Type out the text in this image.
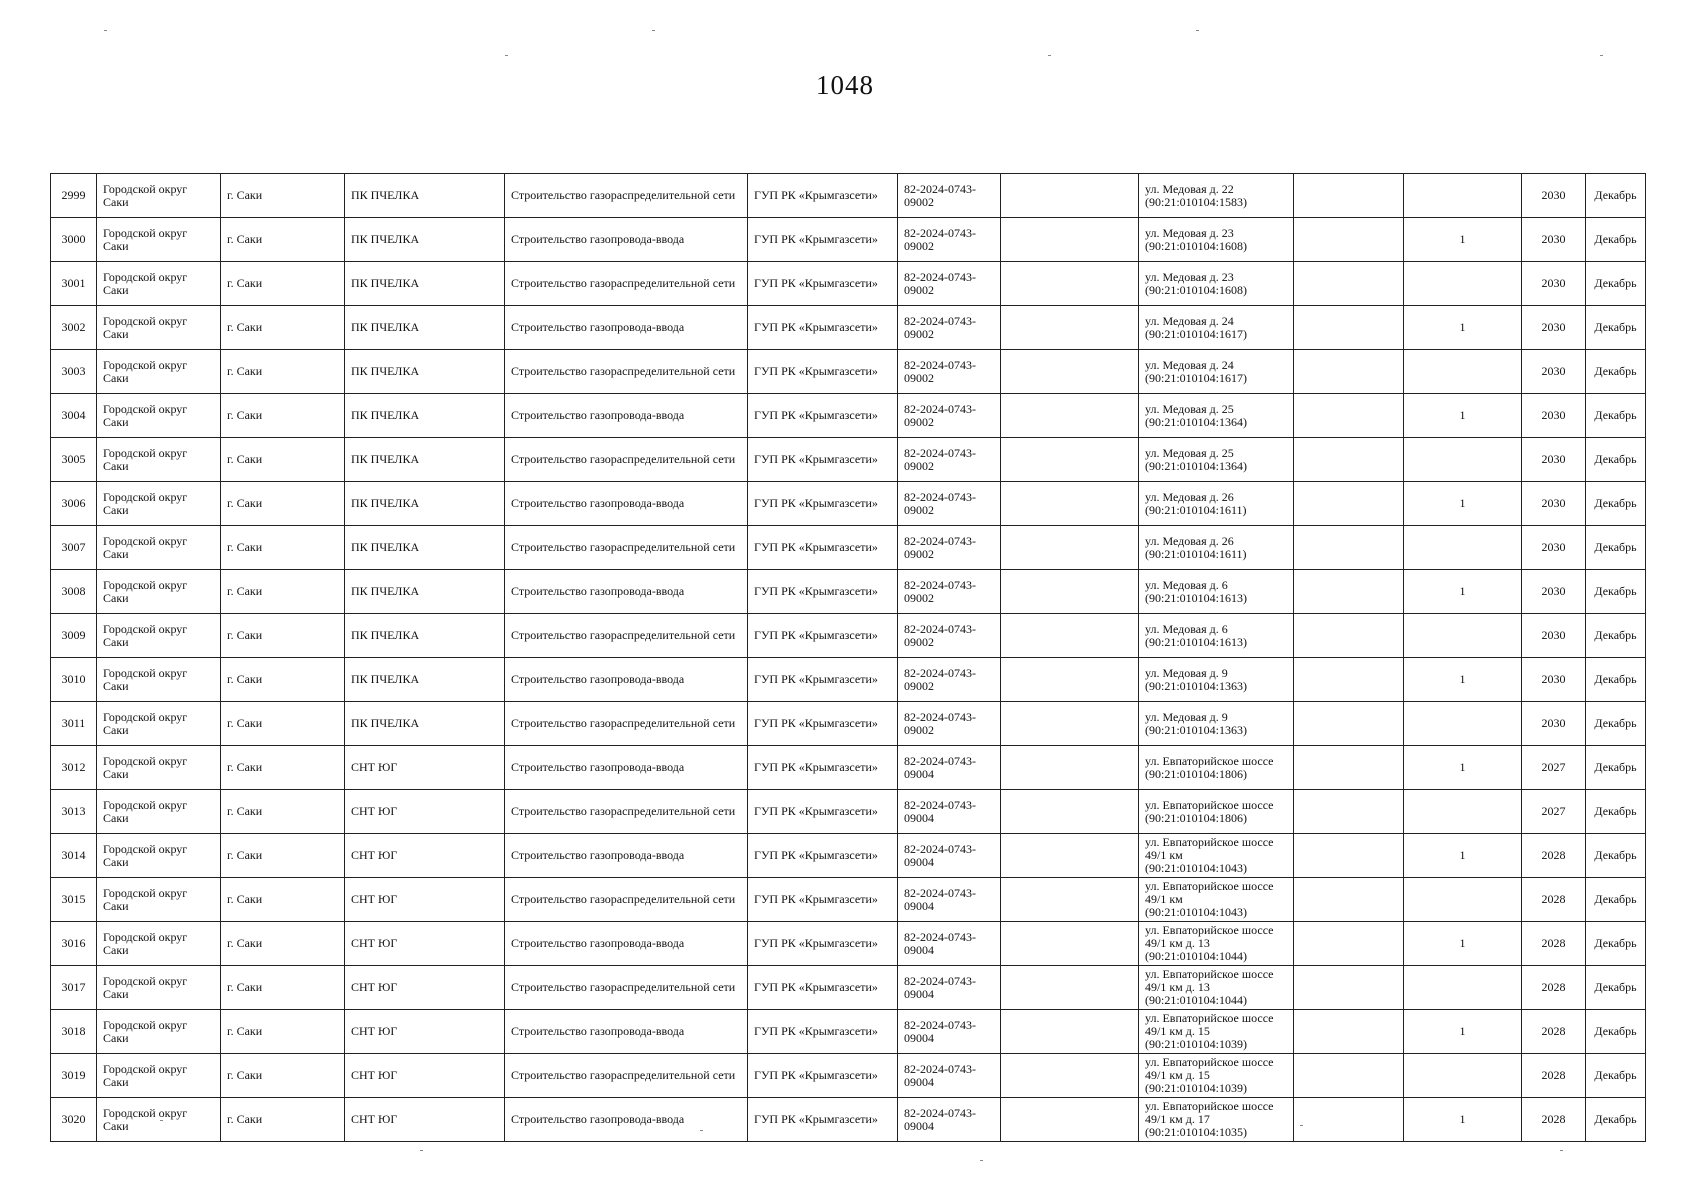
1048
2999	Городской округ Саки	г. Саки	ПК ПЧЕЛКА	Строительство газораспределительной сети	ГУП РК «Крымгазсети»	82-2024-0743-09002		ул. Медовая д. 22 (90:21:010104:1583)			2030	Декабрь
3000	Городской округ Саки	г. Саки	ПК ПЧЕЛКА	Строительство газопровода-ввода	ГУП РК «Крымгазсети»	82-2024-0743-09002		ул. Медовая д. 23 (90:21:010104:1608)		1	2030	Декабрь
3001	Городской округ Саки	г. Саки	ПК ПЧЕЛКА	Строительство газораспределительной сети	ГУП РК «Крымгазсети»	82-2024-0743-09002		ул. Медовая д. 23 (90:21:010104:1608)			2030	Декабрь
3002	Городской округ Саки	г. Саки	ПК ПЧЕЛКА	Строительство газопровода-ввода	ГУП РК «Крымгазсети»	82-2024-0743-09002		ул. Медовая д. 24 (90:21:010104:1617)		1	2030	Декабрь
3003	Городской округ Саки	г. Саки	ПК ПЧЕЛКА	Строительство газораспределительной сети	ГУП РК «Крымгазсети»	82-2024-0743-09002		ул. Медовая д. 24 (90:21:010104:1617)			2030	Декабрь
3004	Городской округ Саки	г. Саки	ПК ПЧЕЛКА	Строительство газопровода-ввода	ГУП РК «Крымгазсети»	82-2024-0743-09002		ул. Медовая д. 25 (90:21:010104:1364)		1	2030	Декабрь
3005	Городской округ Саки	г. Саки	ПК ПЧЕЛКА	Строительство газораспределительной сети	ГУП РК «Крымгазсети»	82-2024-0743-09002		ул. Медовая д. 25 (90:21:010104:1364)			2030	Декабрь
3006	Городской округ Саки	г. Саки	ПК ПЧЕЛКА	Строительство газопровода-ввода	ГУП РК «Крымгазсети»	82-2024-0743-09002		ул. Медовая д. 26 (90:21:010104:1611)		1	2030	Декабрь
3007	Городской округ Саки	г. Саки	ПК ПЧЕЛКА	Строительство газораспределительной сети	ГУП РК «Крымгазсети»	82-2024-0743-09002		ул. Медовая д. 26 (90:21:010104:1611)			2030	Декабрь
3008	Городской округ Саки	г. Саки	ПК ПЧЕЛКА	Строительство газопровода-ввода	ГУП РК «Крымгазсети»	82-2024-0743-09002		ул. Медовая д. 6 (90:21:010104:1613)		1	2030	Декабрь
3009	Городской округ Саки	г. Саки	ПК ПЧЕЛКА	Строительство газораспределительной сети	ГУП РК «Крымгазсети»	82-2024-0743-09002		ул. Медовая д. 6 (90:21:010104:1613)			2030	Декабрь
3010	Городской округ Саки	г. Саки	ПК ПЧЕЛКА	Строительство газопровода-ввода	ГУП РК «Крымгазсети»	82-2024-0743-09002		ул. Медовая д. 9 (90:21:010104:1363)		1	2030	Декабрь
3011	Городской округ Саки	г. Саки	ПК ПЧЕЛКА	Строительство газораспределительной сети	ГУП РК «Крымгазсети»	82-2024-0743-09002		ул. Медовая д. 9 (90:21:010104:1363)			2030	Декабрь
3012	Городской округ Саки	г. Саки	СНТ ЮГ	Строительство газопровода-ввода	ГУП РК «Крымгазсети»	82-2024-0743-09004		ул. Евпаторийское шоссе (90:21:010104:1806)		1	2027	Декабрь
3013	Городской округ Саки	г. Саки	СНТ ЮГ	Строительство газораспределительной сети	ГУП РК «Крымгазсети»	82-2024-0743-09004		ул. Евпаторийское шоссе (90:21:010104:1806)			2027	Декабрь
3014	Городской округ Саки	г. Саки	СНТ ЮГ	Строительство газопровода-ввода	ГУП РК «Крымгазсети»	82-2024-0743-09004		ул. Евпаторийское шоссе 49/1 км (90:21:010104:1043)		1	2028	Декабрь
3015	Городской округ Саки	г. Саки	СНТ ЮГ	Строительство газораспределительной сети	ГУП РК «Крымгазсети»	82-2024-0743-09004		ул. Евпаторийское шоссе 49/1 км (90:21:010104:1043)			2028	Декабрь
3016	Городской округ Саки	г. Саки	СНТ ЮГ	Строительство газопровода-ввода	ГУП РК «Крымгазсети»	82-2024-0743-09004		ул. Евпаторийское шоссе 49/1 км д. 13 (90:21:010104:1044)		1	2028	Декабрь
3017	Городской округ Саки	г. Саки	СНТ ЮГ	Строительство газораспределительной сети	ГУП РК «Крымгазсети»	82-2024-0743-09004		ул. Евпаторийское шоссе 49/1 км д. 13 (90:21:010104:1044)			2028	Декабрь
3018	Городской округ Саки	г. Саки	СНТ ЮГ	Строительство газопровода-ввода	ГУП РК «Крымгазсети»	82-2024-0743-09004		ул. Евпаторийское шоссе 49/1 км д. 15 (90:21:010104:1039)		1	2028	Декабрь
3019	Городской округ Саки	г. Саки	СНТ ЮГ	Строительство газораспределительной сети	ГУП РК «Крымгазсети»	82-2024-0743-09004		ул. Евпаторийское шоссе 49/1 км д. 15 (90:21:010104:1039)			2028	Декабрь
3020	Городской округ Саки	г. Саки	СНТ ЮГ	Строительство газопровода-ввода	ГУП РК «Крымгазсети»	82-2024-0743-09004		ул. Евпаторийское шоссе 49/1 км д. 17 (90:21:010104:1035)		1	2028	Декабрь
